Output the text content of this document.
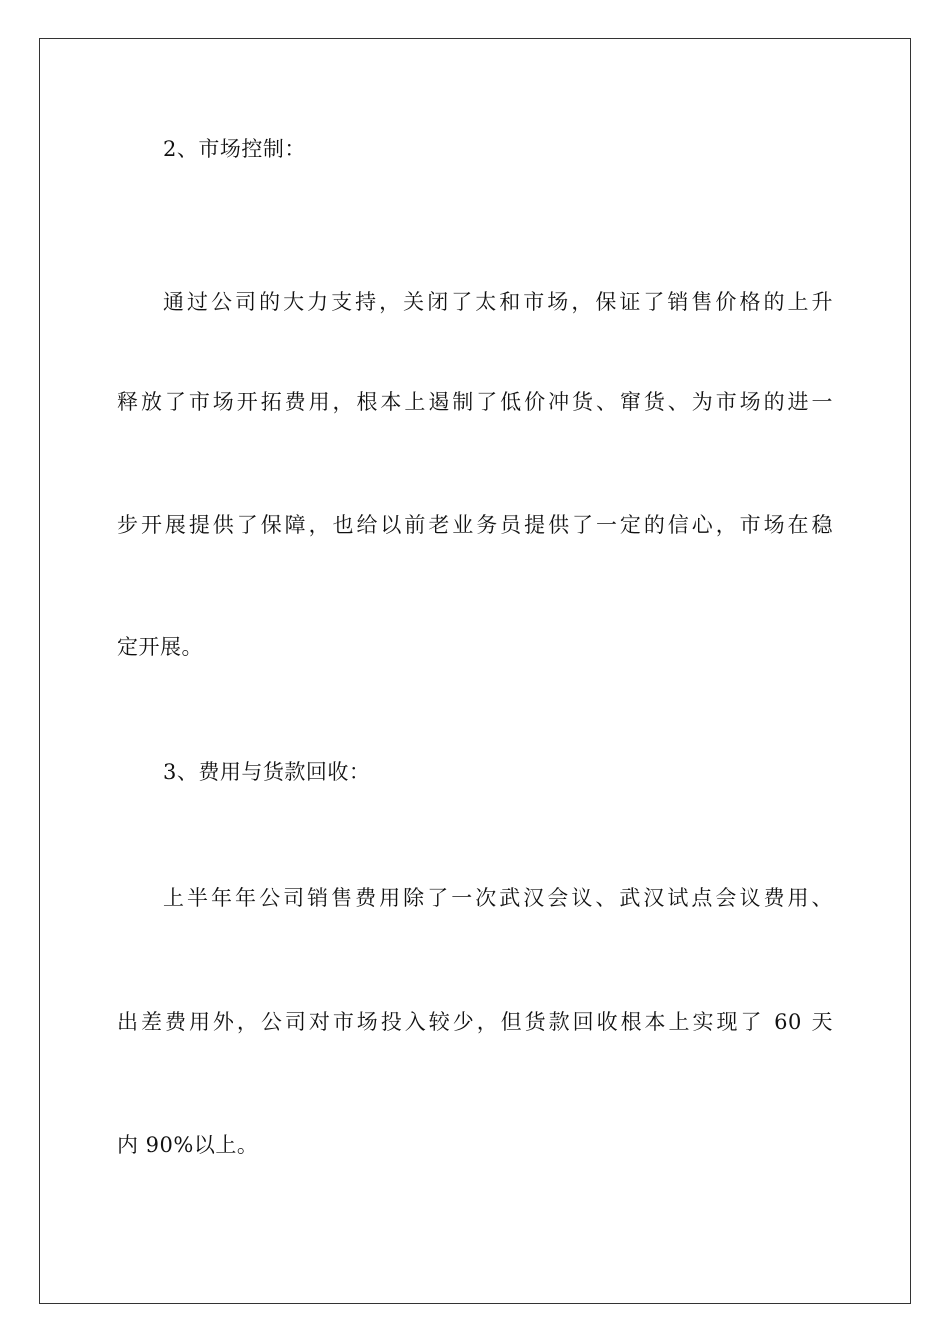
2、市场控制：
通过公司的大力支持，关闭了太和市场，保证了销售价格的上升
释放了市场开拓费用，根本上遏制了低价冲货、窜货、为市场的进一
步开展提供了保障，也给以前老业务员提供了一定的信心，市场在稳
定开展。
3、费用与货款回收：
上半年年公司销售费用除了一次武汉会议、武汉试点会议费用、
出差费用外，公司对市场投入较少，但货款回收根本上实现了 60 天
内 90%以上。
